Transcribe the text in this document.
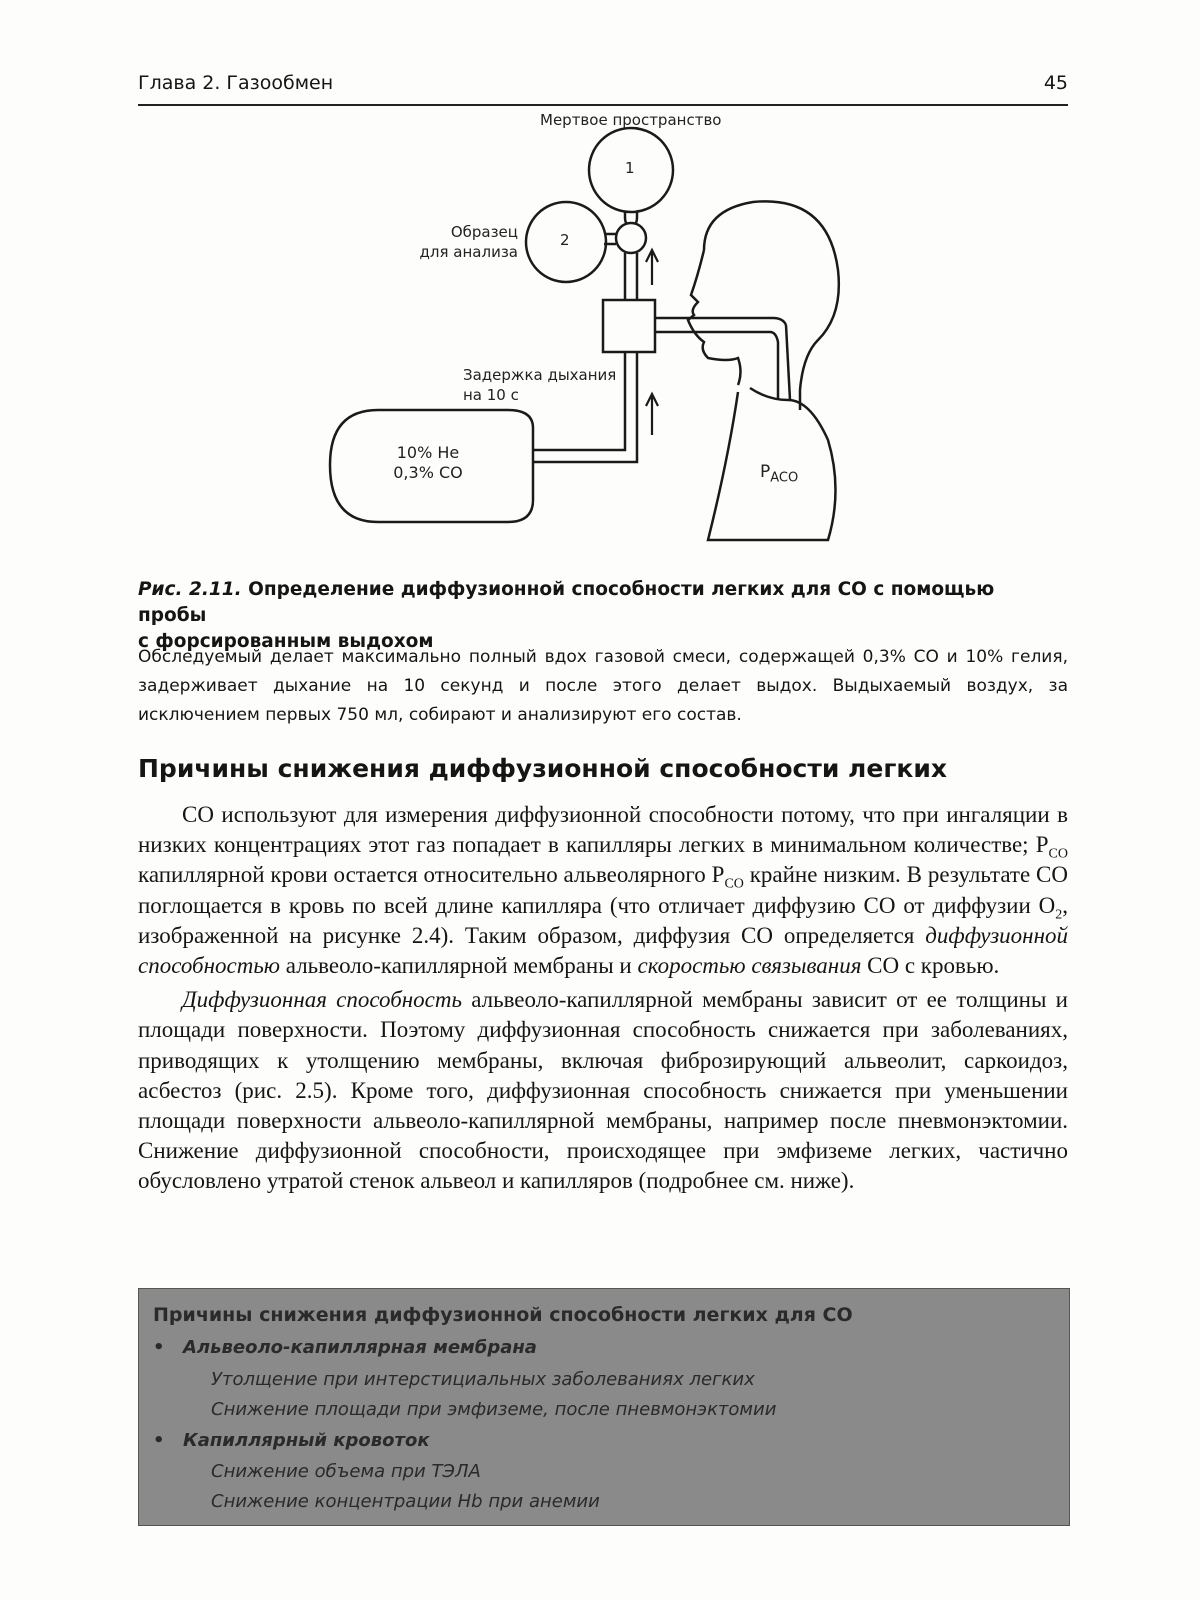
Глава 2. Газообмен	45
Мертвое пространство
1
2
Образец
для анализа
Задержка дыхания
на 10 с
10% He
0,3% CO	$P_{ACO}$
Рис. 2.11. Определение диффузионной способности легких для CO с помощью пробы
с форсированным выдохом
Обследуемый делает максимально полный вдох газовой смеси, содержащей 0,3% CO и 10% гелия, задерживает дыхание на 10 секунд и после этого делает выдох. Выдыхаемый воздух, за исключением первых 750 мл, собирают и анализируют его состав.
Причины снижения диффузионной способности легких

CO используют для измерения диффузионной способности потому, что при ингаляции в низких концентрациях этот газ попадает в капилляры легких в минимальном количестве; $P_{CO}$ капиллярной крови остается относительно альвеолярного $P_{CO}$ крайне низким. В результате CO поглощается в кровь по всей длине капилляра (что отличает диффузию CO от диффузии $O_2$, изображенной на рисунке 2.4). Таким образом, диффузия CO определяется диффузионной способностью альвеоло-капиллярной мембраны и скоростью связывания CO с кровью.

Диффузионная способность альвеоло-капиллярной мембраны зависит от ее толщины и площади поверхности. Поэтому диффузионная способность снижается при заболеваниях, приводящих к утолщению мембраны, включая фиброзирующий альвеолит, саркоидоз, асбестоз (рис. 2.5). Кроме того, диффузионная способность снижается при уменьшении площади поверхности альвеоло-капиллярной мембраны, например после пневмонэктомии. Снижение диффузионной способности, происходящее при эмфиземе легких, частично обусловлено утратой стенок альвеол и капилляров (подробнее см. ниже).

Причины снижения диффузионной способности легких для CO
• Альвеоло-капиллярная мембрана
Утолщение при интерстициальных заболеваниях легких
Снижение площади при эмфиземе, после пневмонэктомии
• Капиллярный кровоток
Снижение объема при ТЭЛА
Снижение концентрации Hb при анемии
